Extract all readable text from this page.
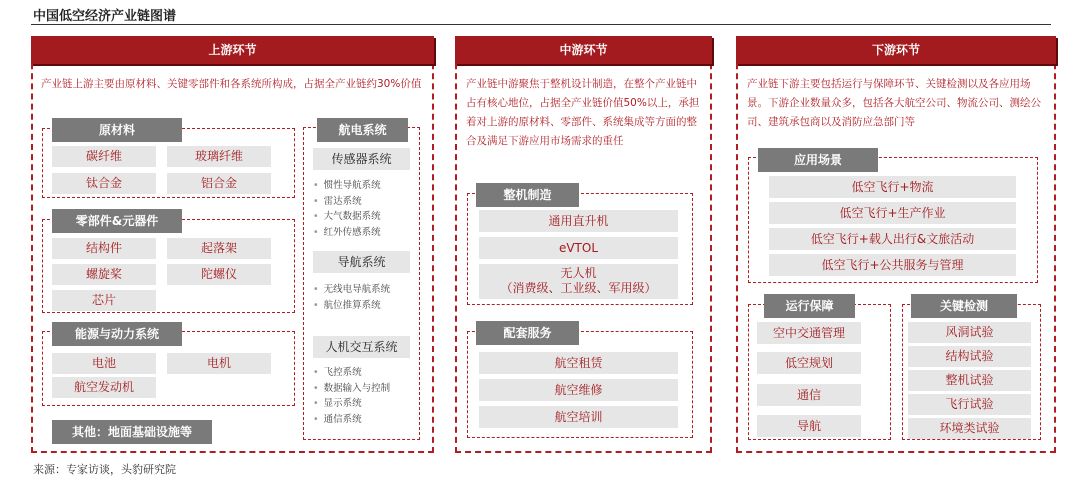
中国低空经济产业链图谱
上游环节
产业链上游主要由原材料、关键零部件和各系统所构成，占据全产业链约30%价值
原材料
碳纤维	玻璃纤维
钛合金	铝合金
零部件&元器件
结构件	起落架
螺旋桨	陀螺仪
芯片
能源与动力系统
电池	电机
航空发动机
其他：地面基础设施等
航电系统
传感器系统
• 惯性导航系统
• 雷达系统
• 大气数据系统
• 红外传感系统
导航系统
• 无线电导航系统
• 航位推算系统
人机交互系统
• 飞控系统
• 数据输入与控制
• 显示系统
• 通信系统
中游环节
产业链中游聚焦于整机设计制造，在整个产业链中占有核心地位，占据全产业链价值50%以上，承担着对上游的原材料、零部件、系统集成等方面的整合及满足下游应用市场需求的重任
整机制造
通用直升机
eVTOL
无人机
（消费级、工业级、军用级）
配套服务
航空租赁
航空维修
航空培训
下游环节
产业链下游主要包括运行与保障环节、关键检测以及各应用场景。下游企业数量众多，包括各大航空公司、物流公司、测绘公司、建筑承包商以及消防应急部门等
应用场景
低空飞行+物流
低空飞行+生产作业
低空飞行+载人出行&文旅活动
低空飞行+公共服务与管理
运行保障
空中交通管理
低空规划
通信
导航
关键检测
风洞试验
结构试验
整机试验
飞行试验
环境类试验
来源：专家访谈，头豹研究院
